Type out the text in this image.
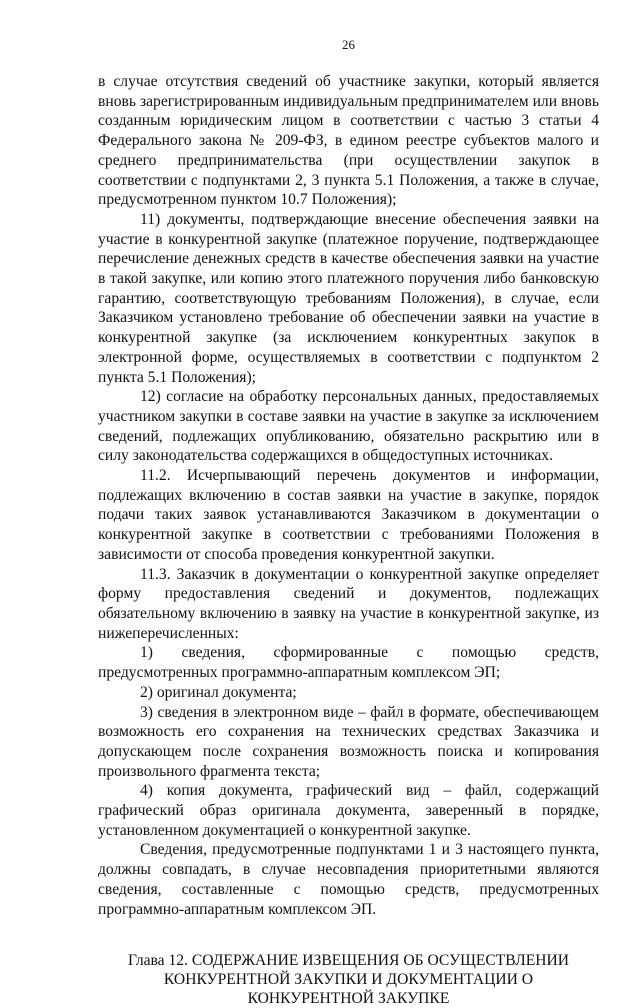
26

в случае отсутствия сведений об участнике закупки, который является вновь зарегистрированным индивидуальным предпринимателем или вновь созданным юридическим лицом в соответствии с частью 3 статьи 4 Федерального закона № 209-ФЗ, в едином реестре субъектов малого и среднего предпринимательства (при осуществлении закупок в соответствии с подпунктами 2, 3 пункта 5.1 Положения, а также в случае, предусмотренном пунктом 10.7 Положения);

11) документы, подтверждающие внесение обеспечения заявки на участие в конкурентной закупке (платежное поручение, подтверждающее перечисление денежных средств в качестве обеспечения заявки на участие в такой закупке, или копию этого платежного поручения либо банковскую гарантию, соответствующую требованиям Положения), в случае, если Заказчиком установлено требование об обеспечении заявки на участие в конкурентной закупке (за исключением конкурентных закупок в электронной форме, осуществляемых в соответствии с подпунктом 2 пункта 5.1 Положения);

12) согласие на обработку персональных данных, предоставляемых участником закупки в составе заявки на участие в закупке за исключением сведений, подлежащих опубликованию, обязательно раскрытию или в силу законодательства содержащихся в общедоступных источниках.

11.2. Исчерпывающий перечень документов и информации, подлежащих включению в состав заявки на участие в закупке, порядок подачи таких заявок устанавливаются Заказчиком в документации о конкурентной закупке в соответствии с требованиями Положения в зависимости от способа проведения конкурентной закупки.

11.3. Заказчик в документации о конкурентной закупке определяет форму предоставления сведений и документов, подлежащих обязательному включению в заявку на участие в конкурентной закупке, из нижеперечисленных:

1) сведения, сформированные с помощью средств, предусмотренных программно-аппаратным комплексом ЭП;

2) оригинал документа;

3) сведения в электронном виде – файл в формате, обеспечивающем возможность его сохранения на технических средствах Заказчика и допускающем после сохранения возможность поиска и копирования произвольного фрагмента текста;

4) копия документа, графический вид – файл, содержащий графический образ оригинала документа, заверенный в порядке, установленном документацией о конкурентной закупке.

Сведения, предусмотренные подпунктами 1 и 3 настоящего пункта, должны совпадать, в случае несовпадения приоритетными являются сведения, составленные с помощью средств, предусмотренных программно-аппаратным комплексом ЭП.

Глава 12. СОДЕРЖАНИЕ ИЗВЕЩЕНИЯ ОБ ОСУЩЕСТВЛЕНИИ КОНКУРЕНТНОЙ ЗАКУПКИ И ДОКУМЕНТАЦИИ О КОНКУРЕНТНОЙ ЗАКУПКЕ
